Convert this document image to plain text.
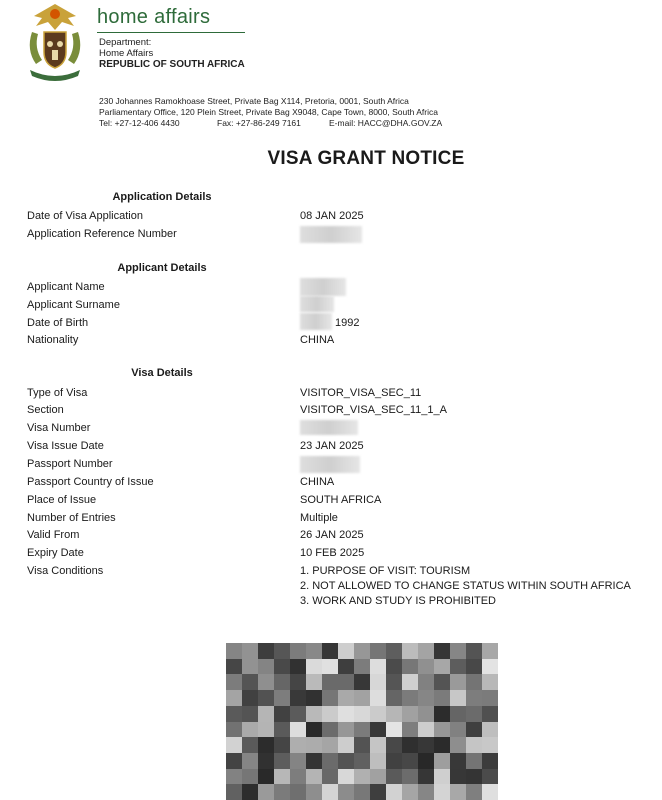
home affairs
Department:
Home Affairs
REPUBLIC OF SOUTH AFRICA
230 Johannes Ramokhoase Street, Private Bag X114, Pretoria, 0001, South Africa
Parliamentary Office, 120 Plein Street, Private Bag X9048, Cape Town, 8000, South Africa
Tel: +27-12-406 4430	Fax: +27-86-249 7161	E-mail: HACC@DHA.GOV.ZA
VISA GRANT NOTICE
Application Details
Date of Visa Application	08 JAN 2025
Application Reference Number
Applicant Details
Applicant Name
Applicant Surname
Date of Birth	1992
Nationality	CHINA
Visa Details
Type of Visa	VISITOR_VISA_SEC_11
Section	VISITOR_VISA_SEC_11_1_A
Visa Number
Visa Issue Date	23 JAN 2025
Passport Number
Passport Country of Issue	CHINA
Place of Issue	SOUTH AFRICA
Number of Entries	Multiple
Valid From	26 JAN 2025
Expiry Date	10 FEB 2025
Visa Conditions	1. PURPOSE OF VISIT: TOURISM
2. NOT ALLOWED TO CHANGE STATUS WITHIN SOUTH AFRICA
3. WORK AND STUDY IS PROHIBITED
